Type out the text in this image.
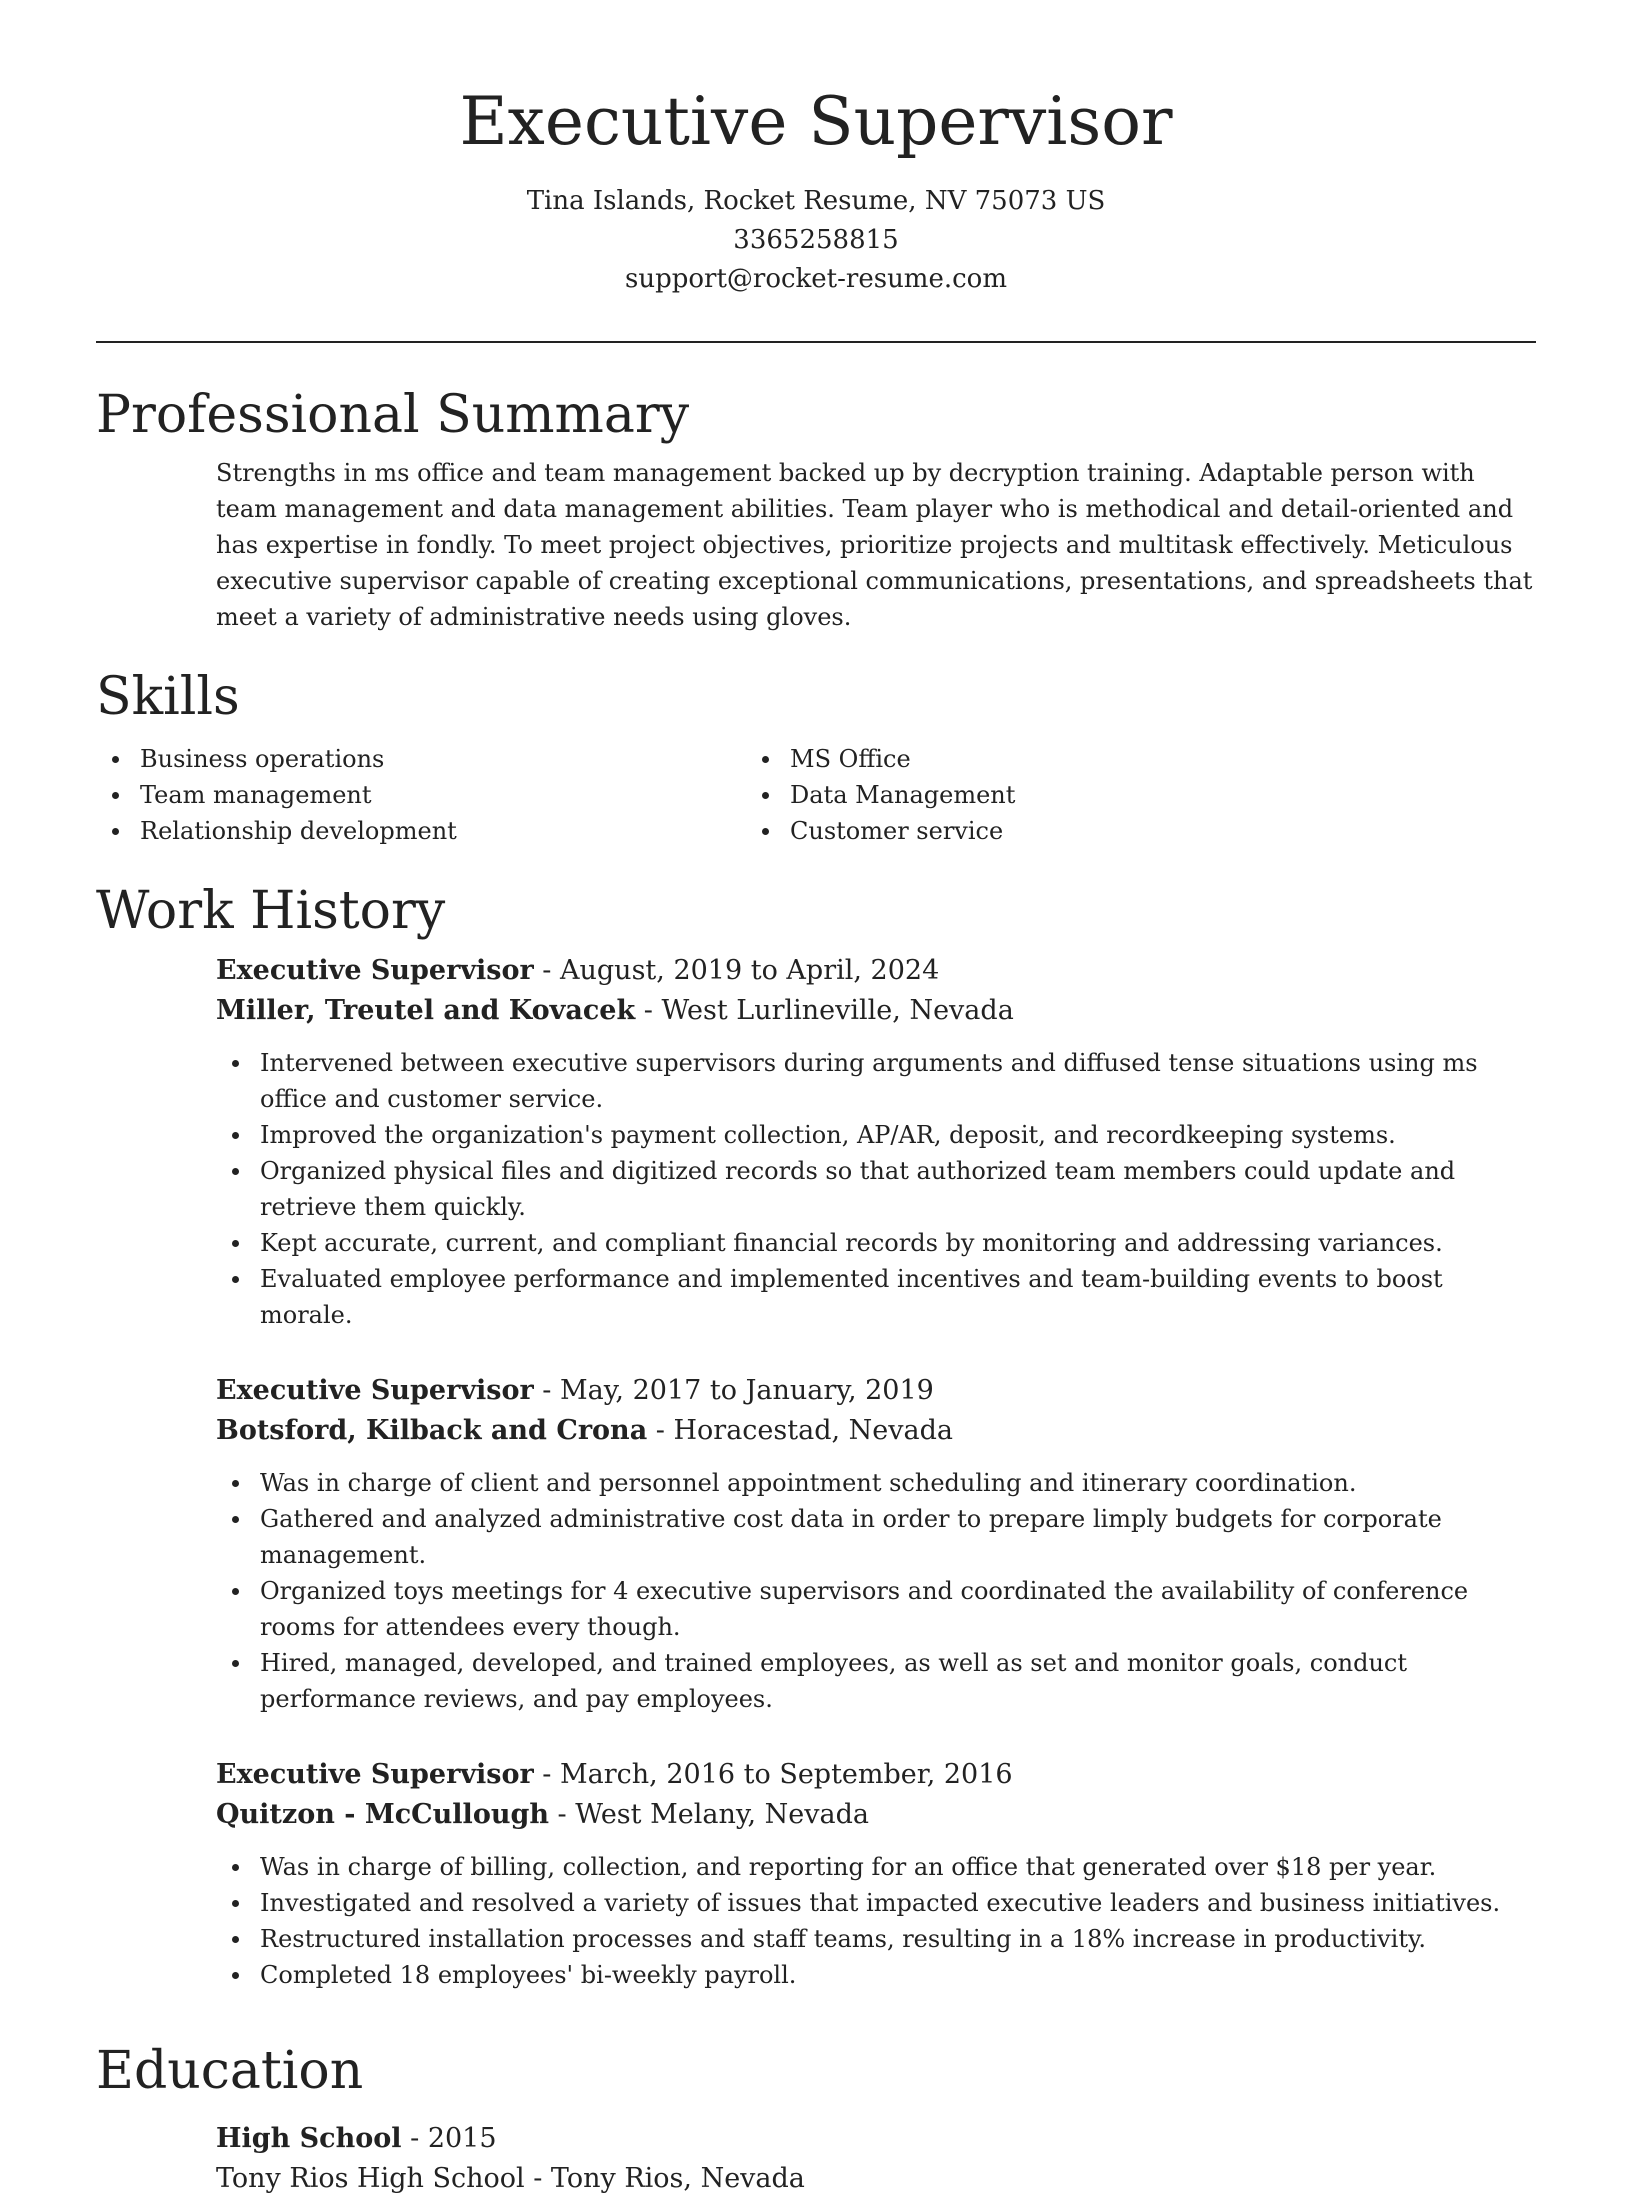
Executive Supervisor
Tina Islands, Rocket Resume, NV 75073 US
3365258815
support@rocket-resume.com
Professional Summary

Strengths in ms office and team management backed up by decryption training. Adaptable person with team management and data management abilities. Team player who is methodical and detail-oriented and has expertise in fondly. To meet project objectives, prioritize projects and multitask effectively. Meticulous executive supervisor capable of creating exceptional communications, presentations, and spreadsheets that meet a variety of administrative needs using gloves.

Skills
Business operations
Team management
Relationship development
MS Office
Data Management
Customer service
Work History
Executive Supervisor - August, 2019 to April, 2024
Miller, Treutel and Kovacek - West Lurlineville, Nevada
Intervened between executive supervisors during arguments and diffused tense situations using ms office and customer service.
Improved the organization's payment collection, AP/AR, deposit, and recordkeeping systems.
Organized physical files and digitized records so that authorized team members could update and retrieve them quickly.
Kept accurate, current, and compliant financial records by monitoring and addressing variances.
Evaluated employee performance and implemented incentives and team-building events to boost morale.
Executive Supervisor - May, 2017 to January, 2019
Botsford, Kilback and Crona - Horacestad, Nevada
Was in charge of client and personnel appointment scheduling and itinerary coordination.
Gathered and analyzed administrative cost data in order to prepare limply budgets for corporate management.
Organized toys meetings for 4 executive supervisors and coordinated the availability of conference rooms for attendees every though.
Hired, managed, developed, and trained employees, as well as set and monitor goals, conduct performance reviews, and pay employees.
Executive Supervisor - March, 2016 to September, 2016
Quitzon - McCullough - West Melany, Nevada
Was in charge of billing, collection, and reporting for an office that generated over $18 per year.
Investigated and resolved a variety of issues that impacted executive leaders and business initiatives.
Restructured installation processes and staff teams, resulting in a 18% increase in productivity.
Completed 18 employees' bi-weekly payroll.
Education
High School - 2015
Tony Rios High School - Tony Rios, Nevada
